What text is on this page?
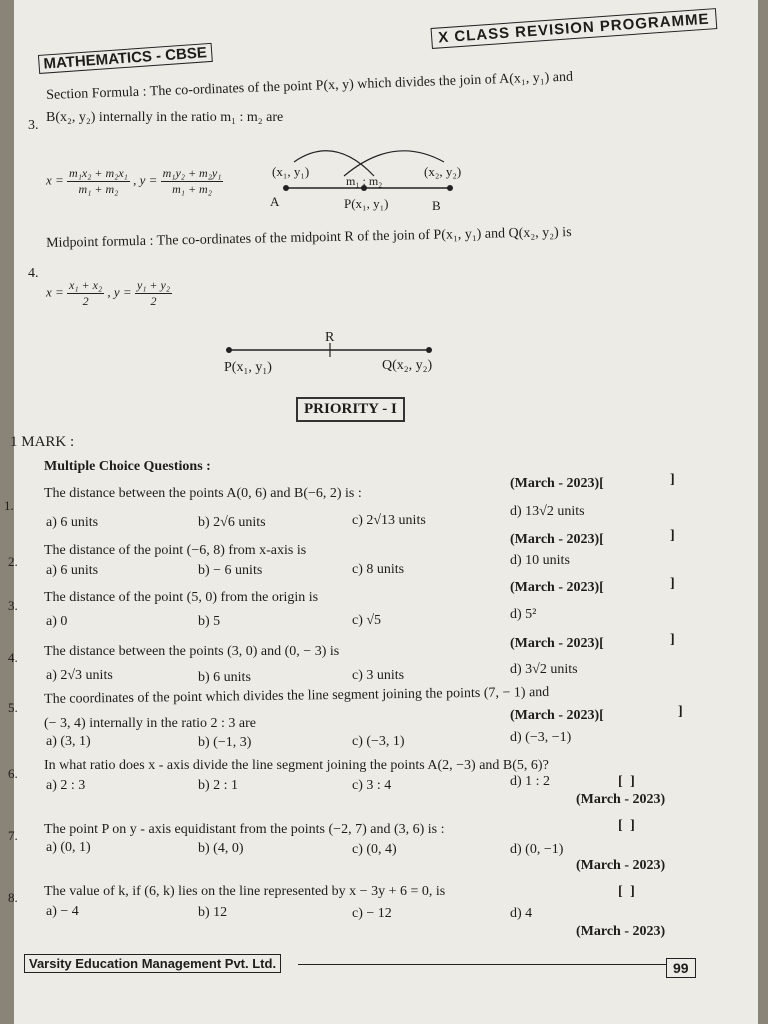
MATHEMATICS - CBSE
X CLASS REVISION PROGRAMME
3.
Section Formula : The co-ordinates of the point P(x, y) which divides the join of A(x₁, y₁) and
B(x₂, y₂) internally in the ratio m₁ : m₂ are
$x = \frac{\text{m₁x₂ + m₂x₁}}{\text{m₁ + m₂}}$ , $y = \frac{\text{m₁y₂ + m₂y₁}}{\text{m₁ + m₂}}$	(x₁, y₁)
m₁ : m₂
(x₂, y₂)
A	P(x₁, y₁)	B
4.
Midpoint formula : The co-ordinates of the midpoint R of the join of P(x₁, y₁) and Q(x₂, y₂) is
$x = \frac{\text{x₁ + x₂}}{2}$ , $y = \frac{\text{y₁ + y₂}}{2}$
R
P(x₁, y₁)	Q(x₂, y₂)
PRIORITY - I
1 MARK :
Multiple Choice Questions :
1.
The distance between the points A(0, 6) and B(−6, 2) is :
(March - 2023)[	]
a) 6 units	b) 2√6 units	c) 2√13 units
d) 13√2 units
2.
The distance of the point (−6, 8) from x-axis is
(March - 2023)[	]
a) 6 units	b) − 6 units	c) 8 units
d) 10 units
3.
The distance of the point (5, 0) from the origin is
(March - 2023)[	]
a) 0	b) 5	c) √5	d) 5²
4. The distance between the points (3, 0) and (0, − 3) is
(March - 2023)[	]
a) 2√3 units	b) 6 units	c) 3 units	d) 3√2 units
5.
The coordinates of the point which divides the line segment joining the points (7, − 1) and
(− 3, 4) internally in the ratio 2 : 3 are
(March - 2023)[	]
a) (3, 1)	b) (−1, 3)	c) (−3, 1)	d) (−3, −1)
6.
In what ratio does x - axis divide the line segment joining the points A(2, −3) and B(5, 6)?
[ ]
a) 2 : 3	b) 2 : 1	c) 3 : 4	d) 1 : 2
(March - 2023)
7. The point P on y - axis equidistant from the points (−2, 7) and (3, 6) is :	[ ]
a) (0, 1)	b) (4, 0)	c) (0, 4)	d) (0, −1)
(March - 2023)
8. The value of k, if (6, k) lies on the line represented by x − 3y + 6 = 0, is	[ ]
a) − 4	b) 12	c) − 12	d) 4
(March - 2023)
Varsity Education Management Pvt. Ltd.	99
